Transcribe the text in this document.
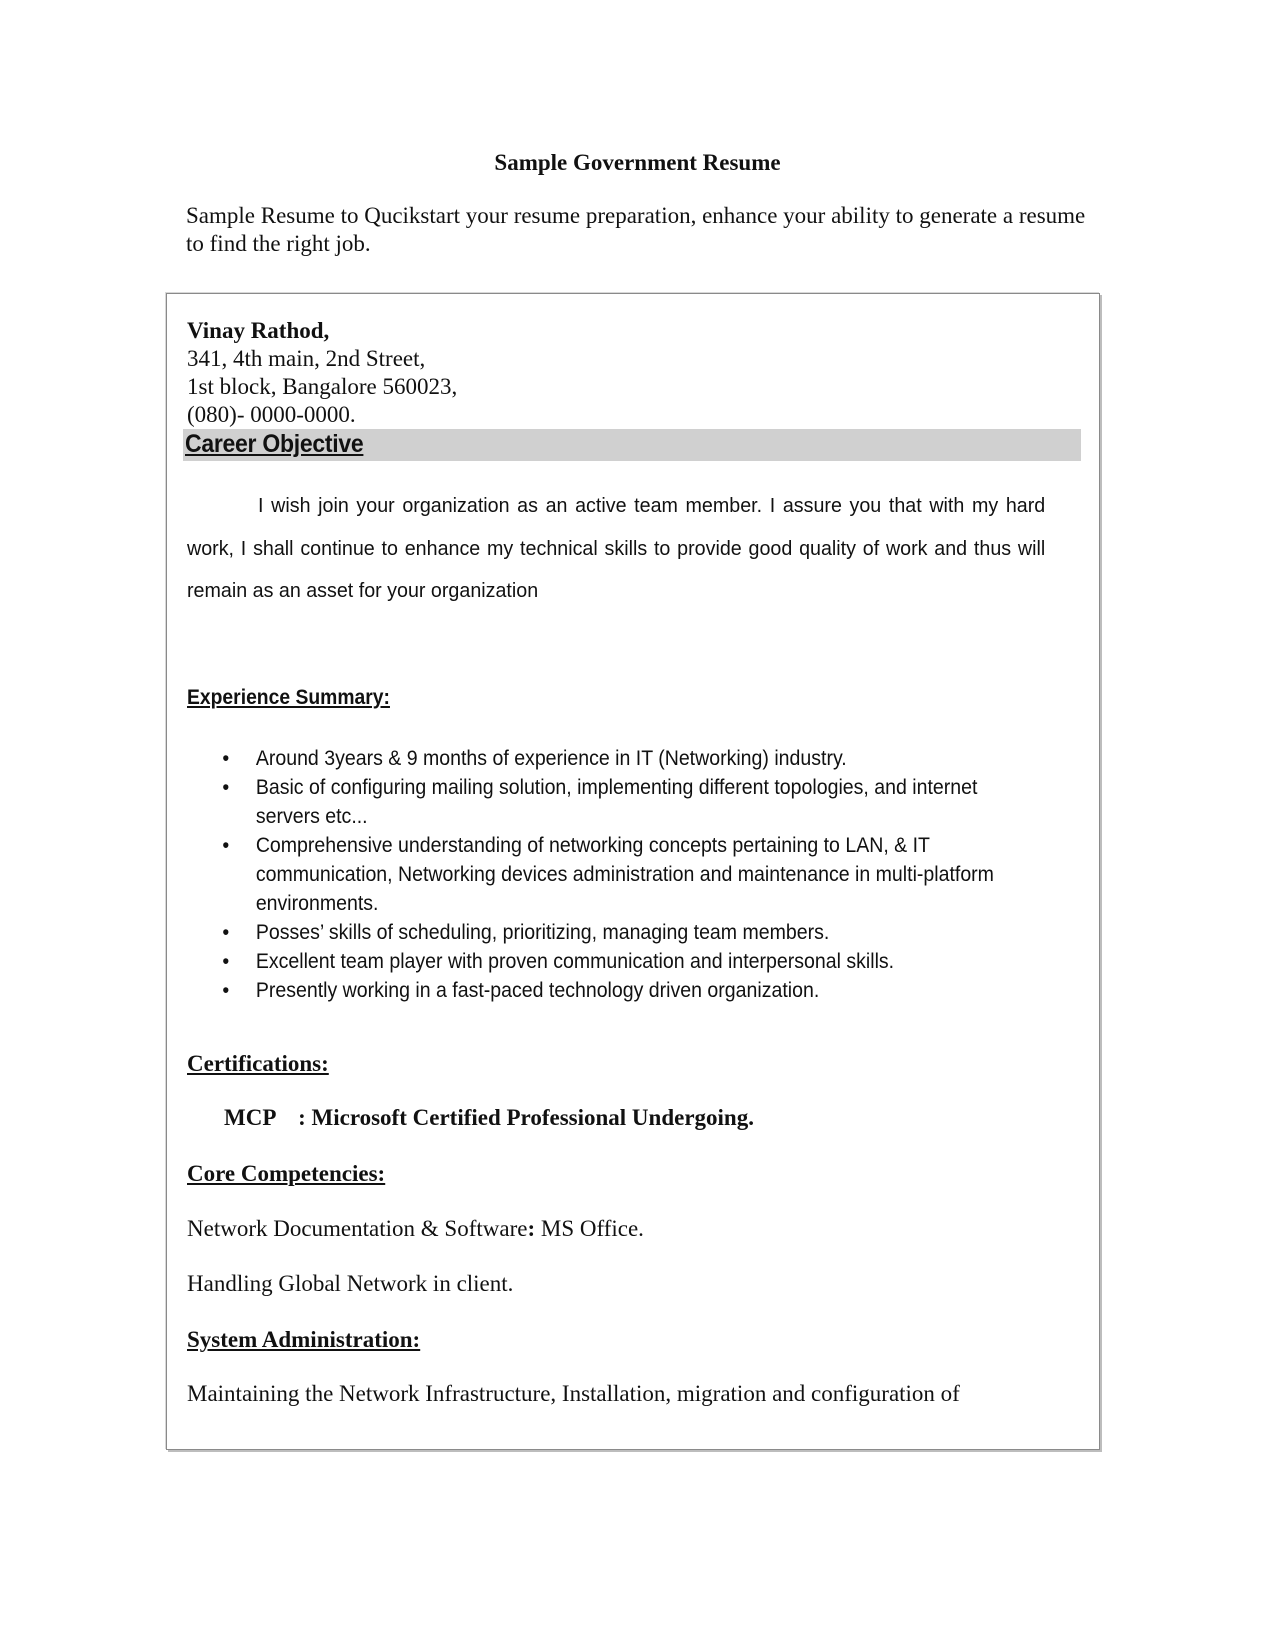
Sample Government Resume
Sample Resume to Qucikstart your resume preparation, enhance your ability to generate a resume to find the right job.
Vinay Rathod,
341, 4th main, 2nd Street,
1st block, Bangalore 560023,
(080)- 0000-0000.
Career Objective
I wish join your organization as an active team member. I assure you that with my hard work, I shall continue to enhance my technical skills to provide good quality of work and thus will remain as an asset for your organization
Experience Summary:
• Around 3years & 9 months of experience in IT (Networking) industry.
• Basic of configuring mailing solution, implementing different topologies, and internet servers etc...
• Comprehensive understanding of networking concepts pertaining to LAN, & IT communication, Networking devices administration and maintenance in multi-platform environments.
• Posses’ skills of scheduling, prioritizing, managing team members.
• Excellent team player with proven communication and interpersonal skills.
• Presently working in a fast-paced technology driven organization.
Certifications:
MCP    : Microsoft Certified Professional Undergoing.
Core Competencies:
Network Documentation & Software: MS Office.
Handling Global Network in client.
System Administration:
Maintaining the Network Infrastructure, Installation, migration and configuration of
